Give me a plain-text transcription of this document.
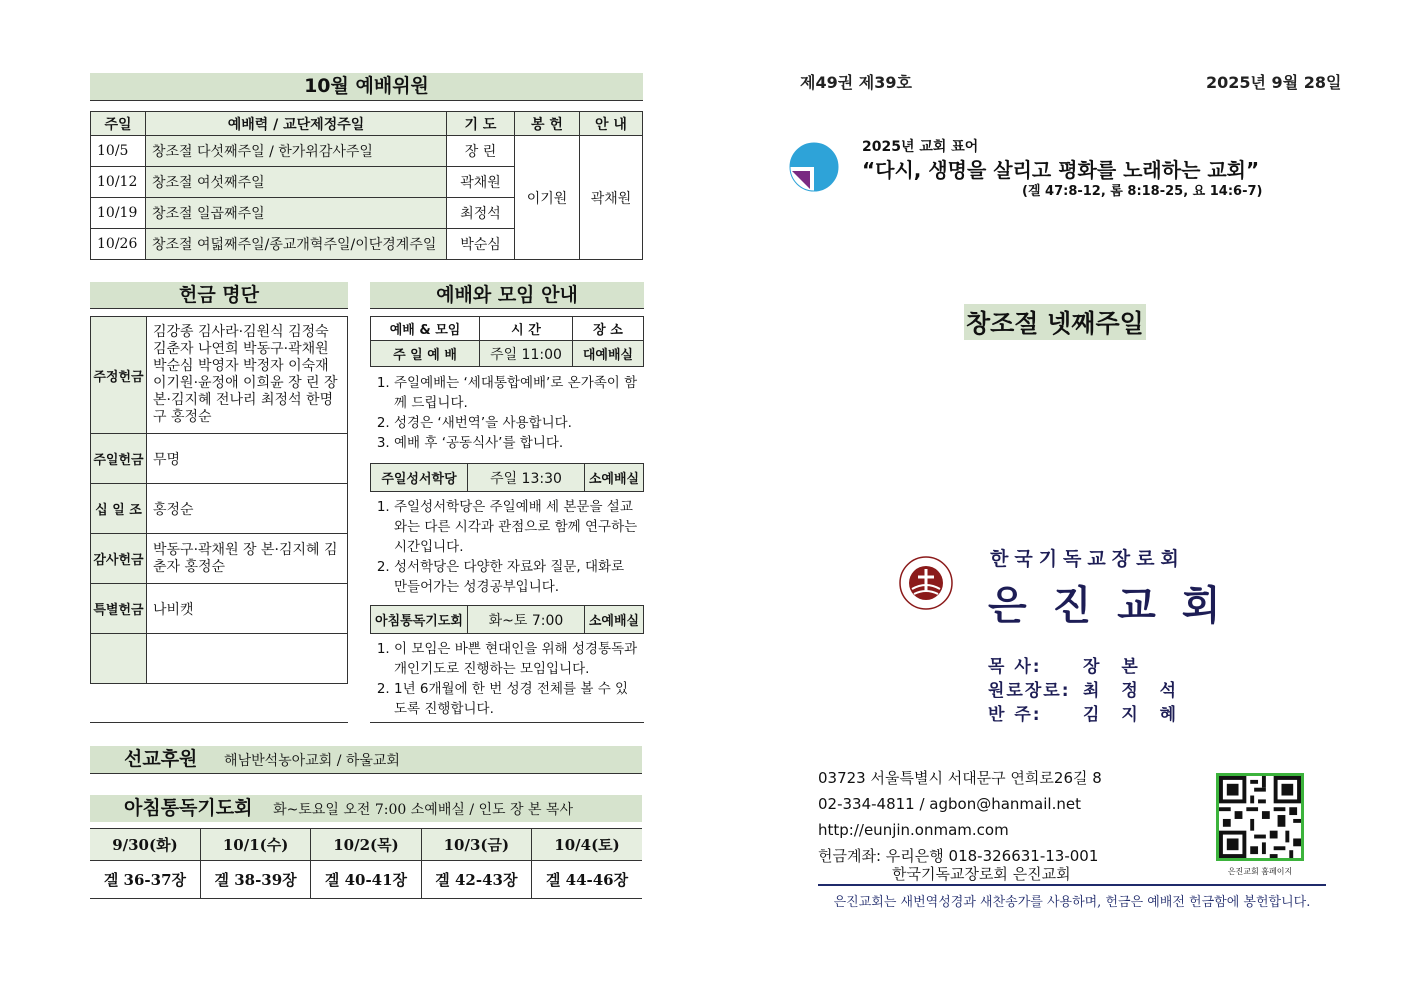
10월 예배위원
주일	예배력 / 교단제정주일	기 도	봉 헌	안 내
10/5	창조절 다섯째주일 / 한가위감사주일	장 린	이기원	곽채원
10/12	창조절 여섯째주일	곽채원		
10/19	창조절 일곱째주일	최정석		
10/26	창조절 여덟째주일/종교개혁주일/이단경계주일	박순심		
헌금 명단
주정헌금	김강종 김사라·김원식 김정숙 김춘자 나연희 박동구·곽채원 박순심 박영자 박정자 이숙재 이기원·윤정애 이희윤 장 린 장 본·김지혜 전나리 최정석 한명구 홍정순
주일헌금	무명
십 일 조	홍정순
감사헌금	박동구·곽채원 장 본·김지혜 김춘자 홍정순
특별헌금	나비캣

예배와 모임 안내
예배 & 모임	시 간	장 소
주 일 예 배	주일 11:00	대예배실
1. 주일예배는 ‘세대통합예배’로 온가족이 함께 드립니다.
2. 성경은 ‘새번역’을 사용합니다.
3. 예배 후 ‘공동식사’를 합니다.
주일성서학당	주일 13:30	소예배실
1. 주일성서학당은 주일예배 세 본문을 설교와는 다른 시각과 관점으로 함께 연구하는 시간입니다.
2. 성서학당은 다양한 자료와 질문, 대화로 만들어가는 성경공부입니다.
아침통독기도회	화~토 7:00	소예배실
1. 이 모임은 바쁜 현대인을 위해 성경통독과 개인기도로 진행하는 모임입니다.
2. 1년 6개월에 한 번 성경 전체를 볼 수 있도록 진행합니다.
선교후원 해남반석농아교회 / 하울교회
아침통독기도회 화~토요일 오전 7:00 소예배실 / 인도 장 본 목사
9/30(화)	10/1(수)	10/2(목)	10/3(금)	10/4(토)
겔 36-37장	겔 38-39장	겔 40-41장	겔 42-43장	겔 44-46장
제49권 제39호	2025년 9월 28일
2025년 교회 표어
“다시, 생명을 살리고 평화를 노래하는 교회”
(겔 47:8-12, 롬 8:18-25, 요 14:6-7)
창조절 넷째주일
한국기독교장로회
은 진 교 회
목 사: 장 본
원로장로: 최 정 석
반 주: 김 지 혜
03723 서울특별시 서대문구 연희로26길 8
02-334-4811 / agbon@hanmail.net
http://eunjin.onmam.com
헌금계좌: 우리은행 018-326631-13-001
한국기독교장로회 은진교회	은진교회 홈페이지
은진교회는 새번역성경과 새찬송가를 사용하며, 헌금은 예배전 헌금함에 봉헌합니다.
